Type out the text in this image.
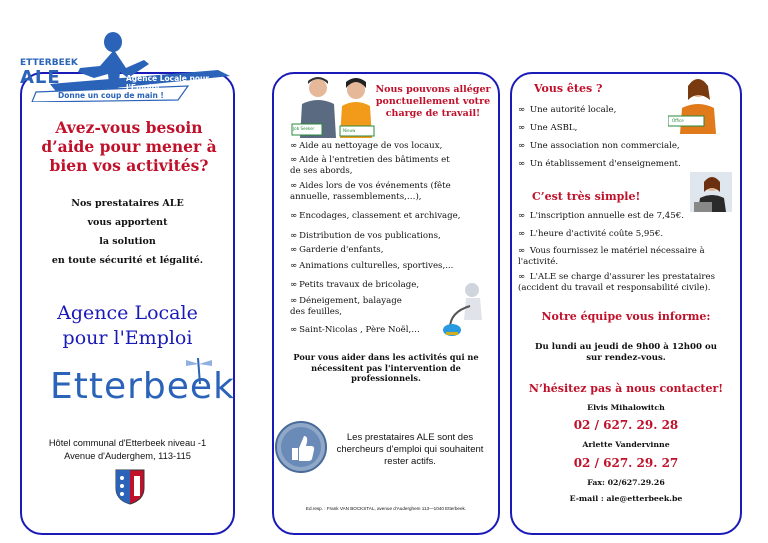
ETTERBEEK
ALE	Agence Locale pour l'Emploi
Donne un coup de main !
Avez-vous besoin d’aide pour mener à bien vos activités?
Nos prestataires ALE
vous apportent
la solution
en toute sécurité et légalité.
Agence Locale
pour l'Emploi
Etterbeek
Hôtel communal d'Etterbeek niveau -1
Avenue d'Auderghem, 113-115
Job Seeker	Nieuw
Nous pouvons alléger
ponctuellement votre
charge de travail!
∞ Aide au nettoyage de vos locaux,
∞ Aide à l'entretien des bâtiments et de ses abords,
∞ Aides lors de vos événements (fête annuelle, rassemblements,…),
∞ Encodages, classement et archivage,
∞ Distribution de vos publications,
∞ Garderie d'enfants,
∞ Animations culturelles, sportives,...
∞ Petits travaux de bricolage,
∞ Déneigement, balayage des feuilles,
∞ Saint-Nicolas , Père Noël,…
Pour vous aider dans les activités qui ne nécessitent pas l'intervention de professionnels.
Les prestataires ALE sont des chercheurs d’emploi qui souhaitent rester actifs.
Ed.resp. : Frank VAN BOCKSTAL, avenue d'Auderghem 113—1040 Etterbeek.
Vous êtes ?
Office
∞ Une autorité locale,
∞ Une ASBL,
∞ Une association non commerciale,
∞ Un établissement d'enseignement.
C’est très simple!
∞ L'inscription annuelle est de 7,45€.
∞ L'heure d'activité coûte 5,95€.
∞ Vous fournissez le matériel nécessaire à l'activité.
∞ L'ALE se charge d'assurer les prestataires (accident du travail et responsabilité civile).
Notre équipe vous informe:
Du lundi au jeudi de 9h00 à 12h00 ou sur rendez-vous.
N’hésitez pas à nous contacter!
Elvis Mihalowitch
02 / 627. 29. 28
Arlette Vandervinne
02 / 627. 29. 27
Fax: 02/627.29.26
E-mail : ale@etterbeek.be
